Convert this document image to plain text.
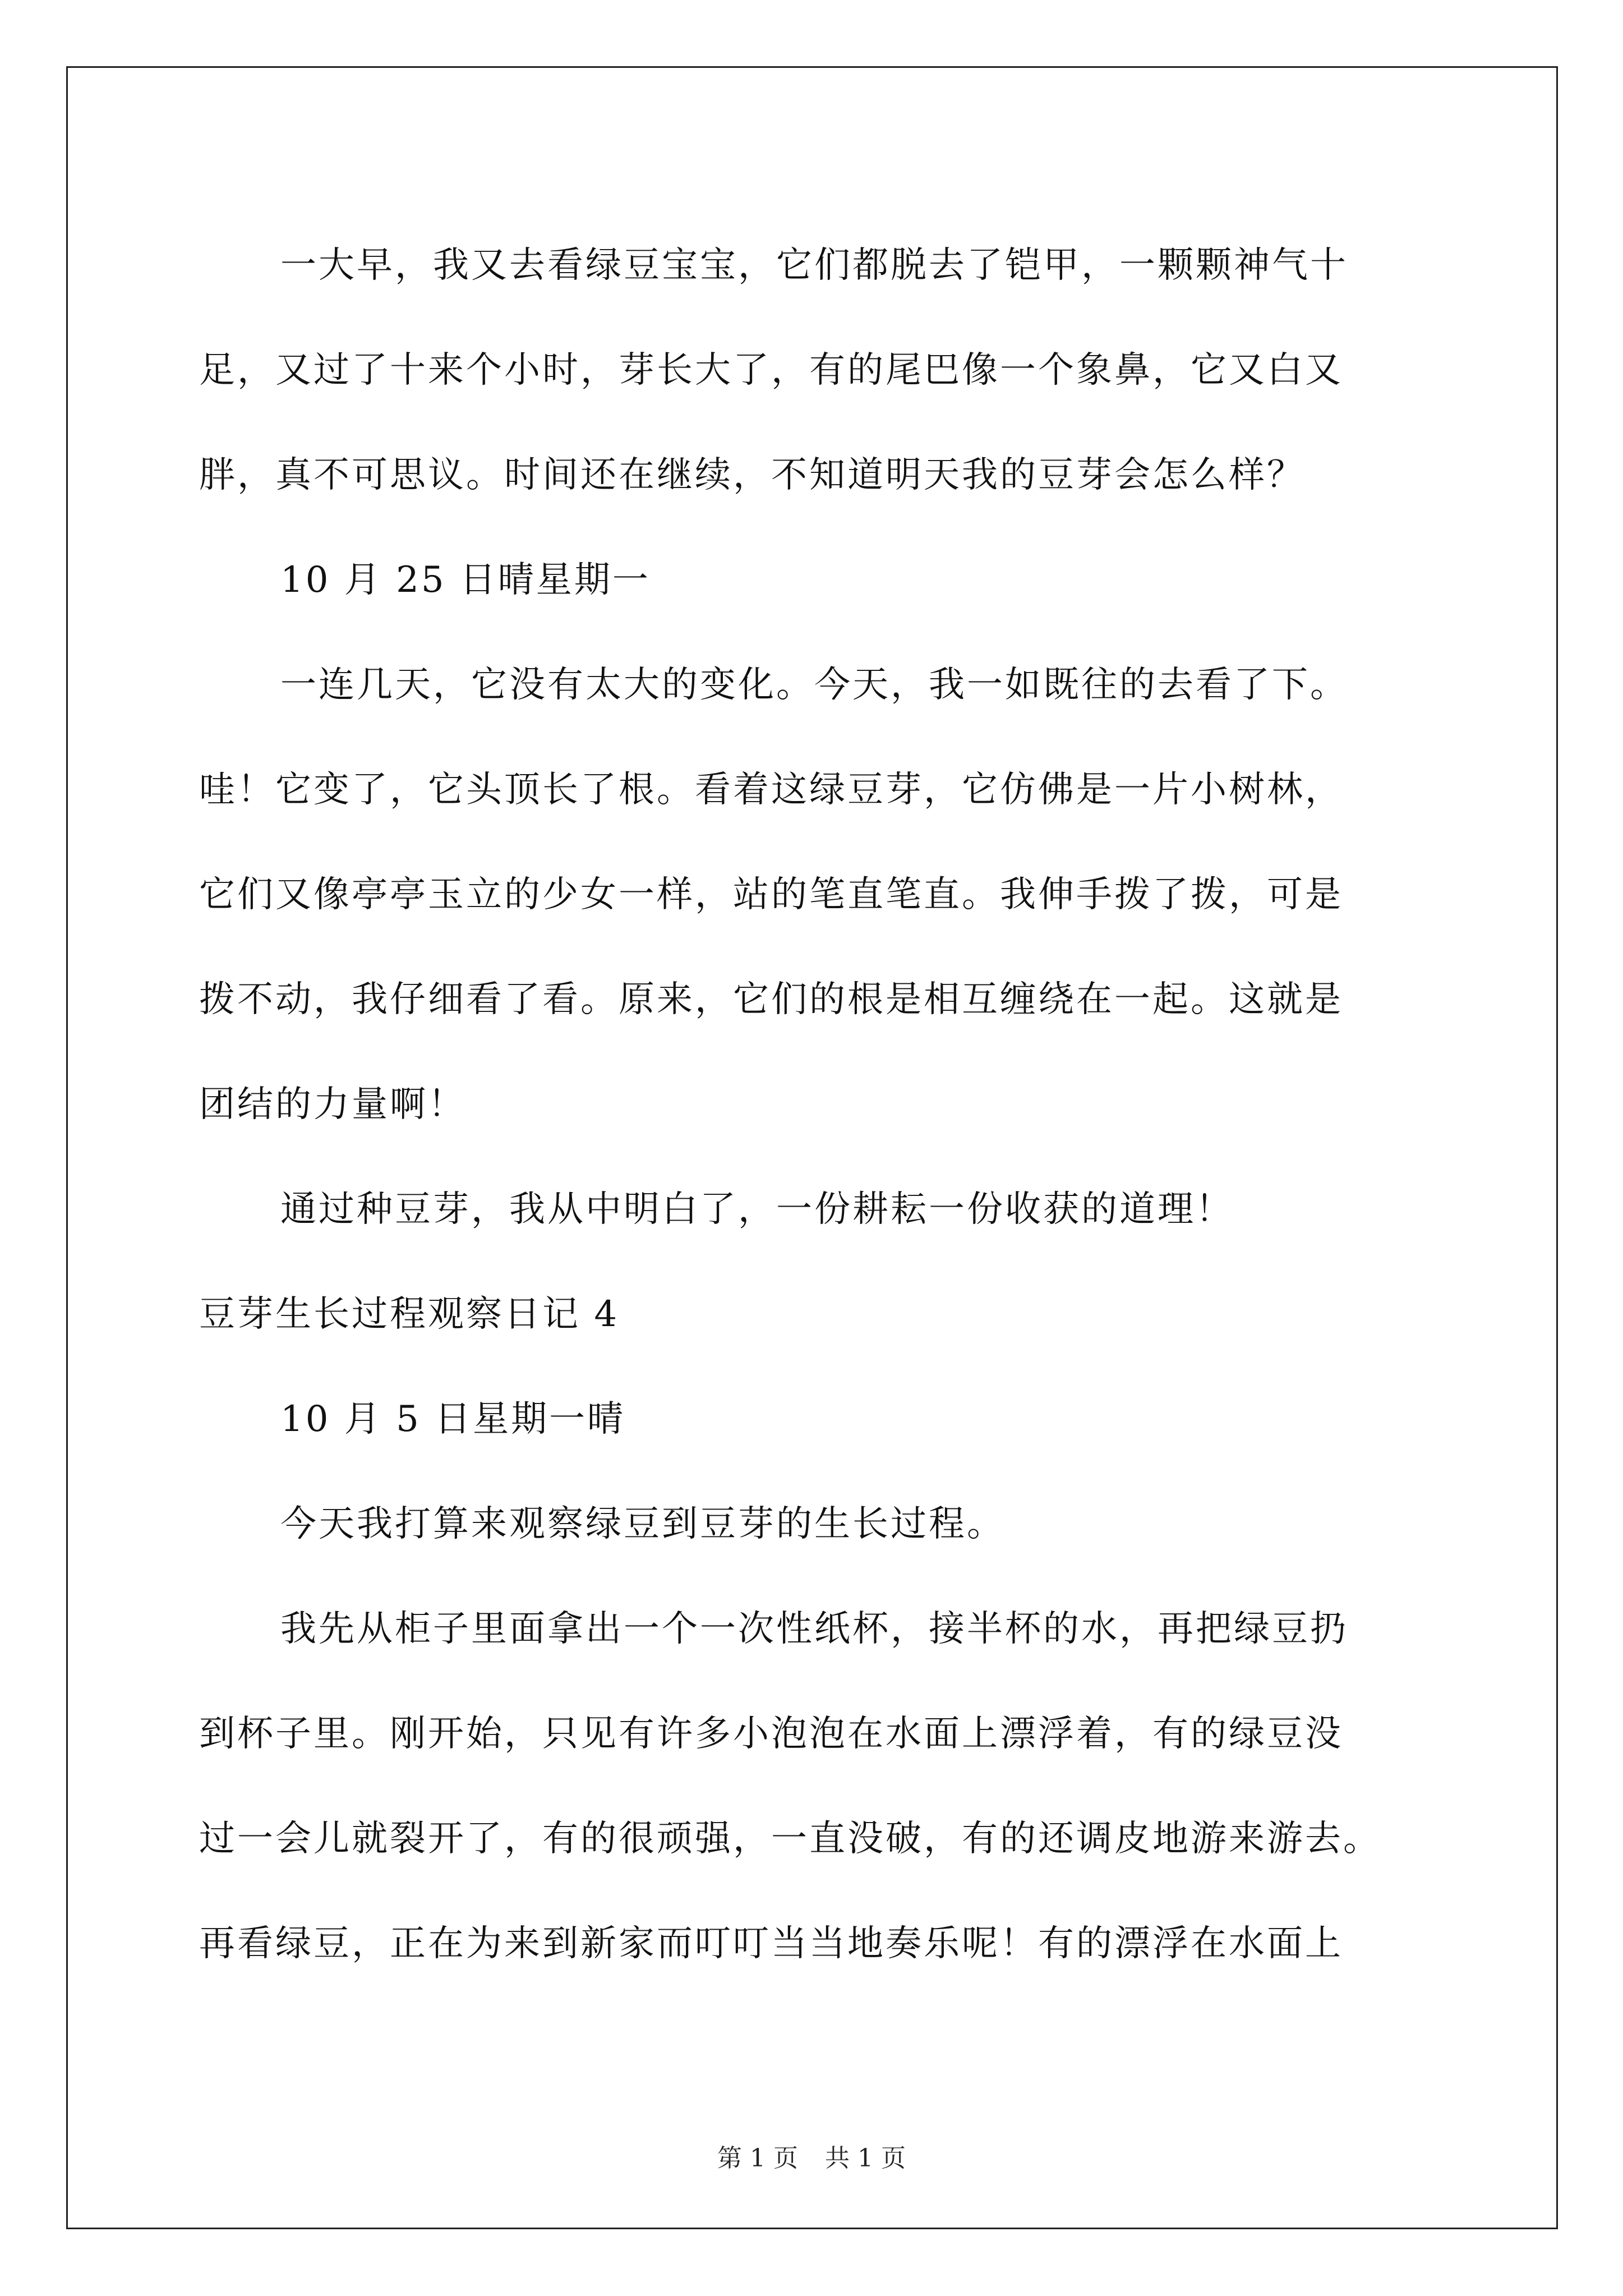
一大早，我又去看绿豆宝宝，它们都脱去了铠甲，一颗颗神气十
足，又过了十来个小时，芽长大了，有的尾巴像一个象鼻，它又白又
胖，真不可思议。时间还在继续，不知道明天我的豆芽会怎么样？
10 月 25 日晴星期一
一连几天，它没有太大的变化。今天，我一如既往的去看了下。
哇！它变了，它头顶长了根。看着这绿豆芽，它仿佛是一片小树林，
它们又像亭亭玉立的少女一样，站的笔直笔直。我伸手拨了拨，可是
拨不动，我仔细看了看。原来，它们的根是相互缠绕在一起。这就是
团结的力量啊！
通过种豆芽，我从中明白了，一份耕耘一份收获的道理！
豆芽生长过程观察日记 4
10 月 5 日星期一晴
今天我打算来观察绿豆到豆芽的生长过程。
我先从柜子里面拿出一个一次性纸杯，接半杯的水，再把绿豆扔
到杯子里。刚开始，只见有许多小泡泡在水面上漂浮着，有的绿豆没
过一会儿就裂开了，有的很顽强，一直没破，有的还调皮地游来游去。
再看绿豆，正在为来到新家而叮叮当当地奏乐呢！有的漂浮在水面上
第 1 页 共 1 页
